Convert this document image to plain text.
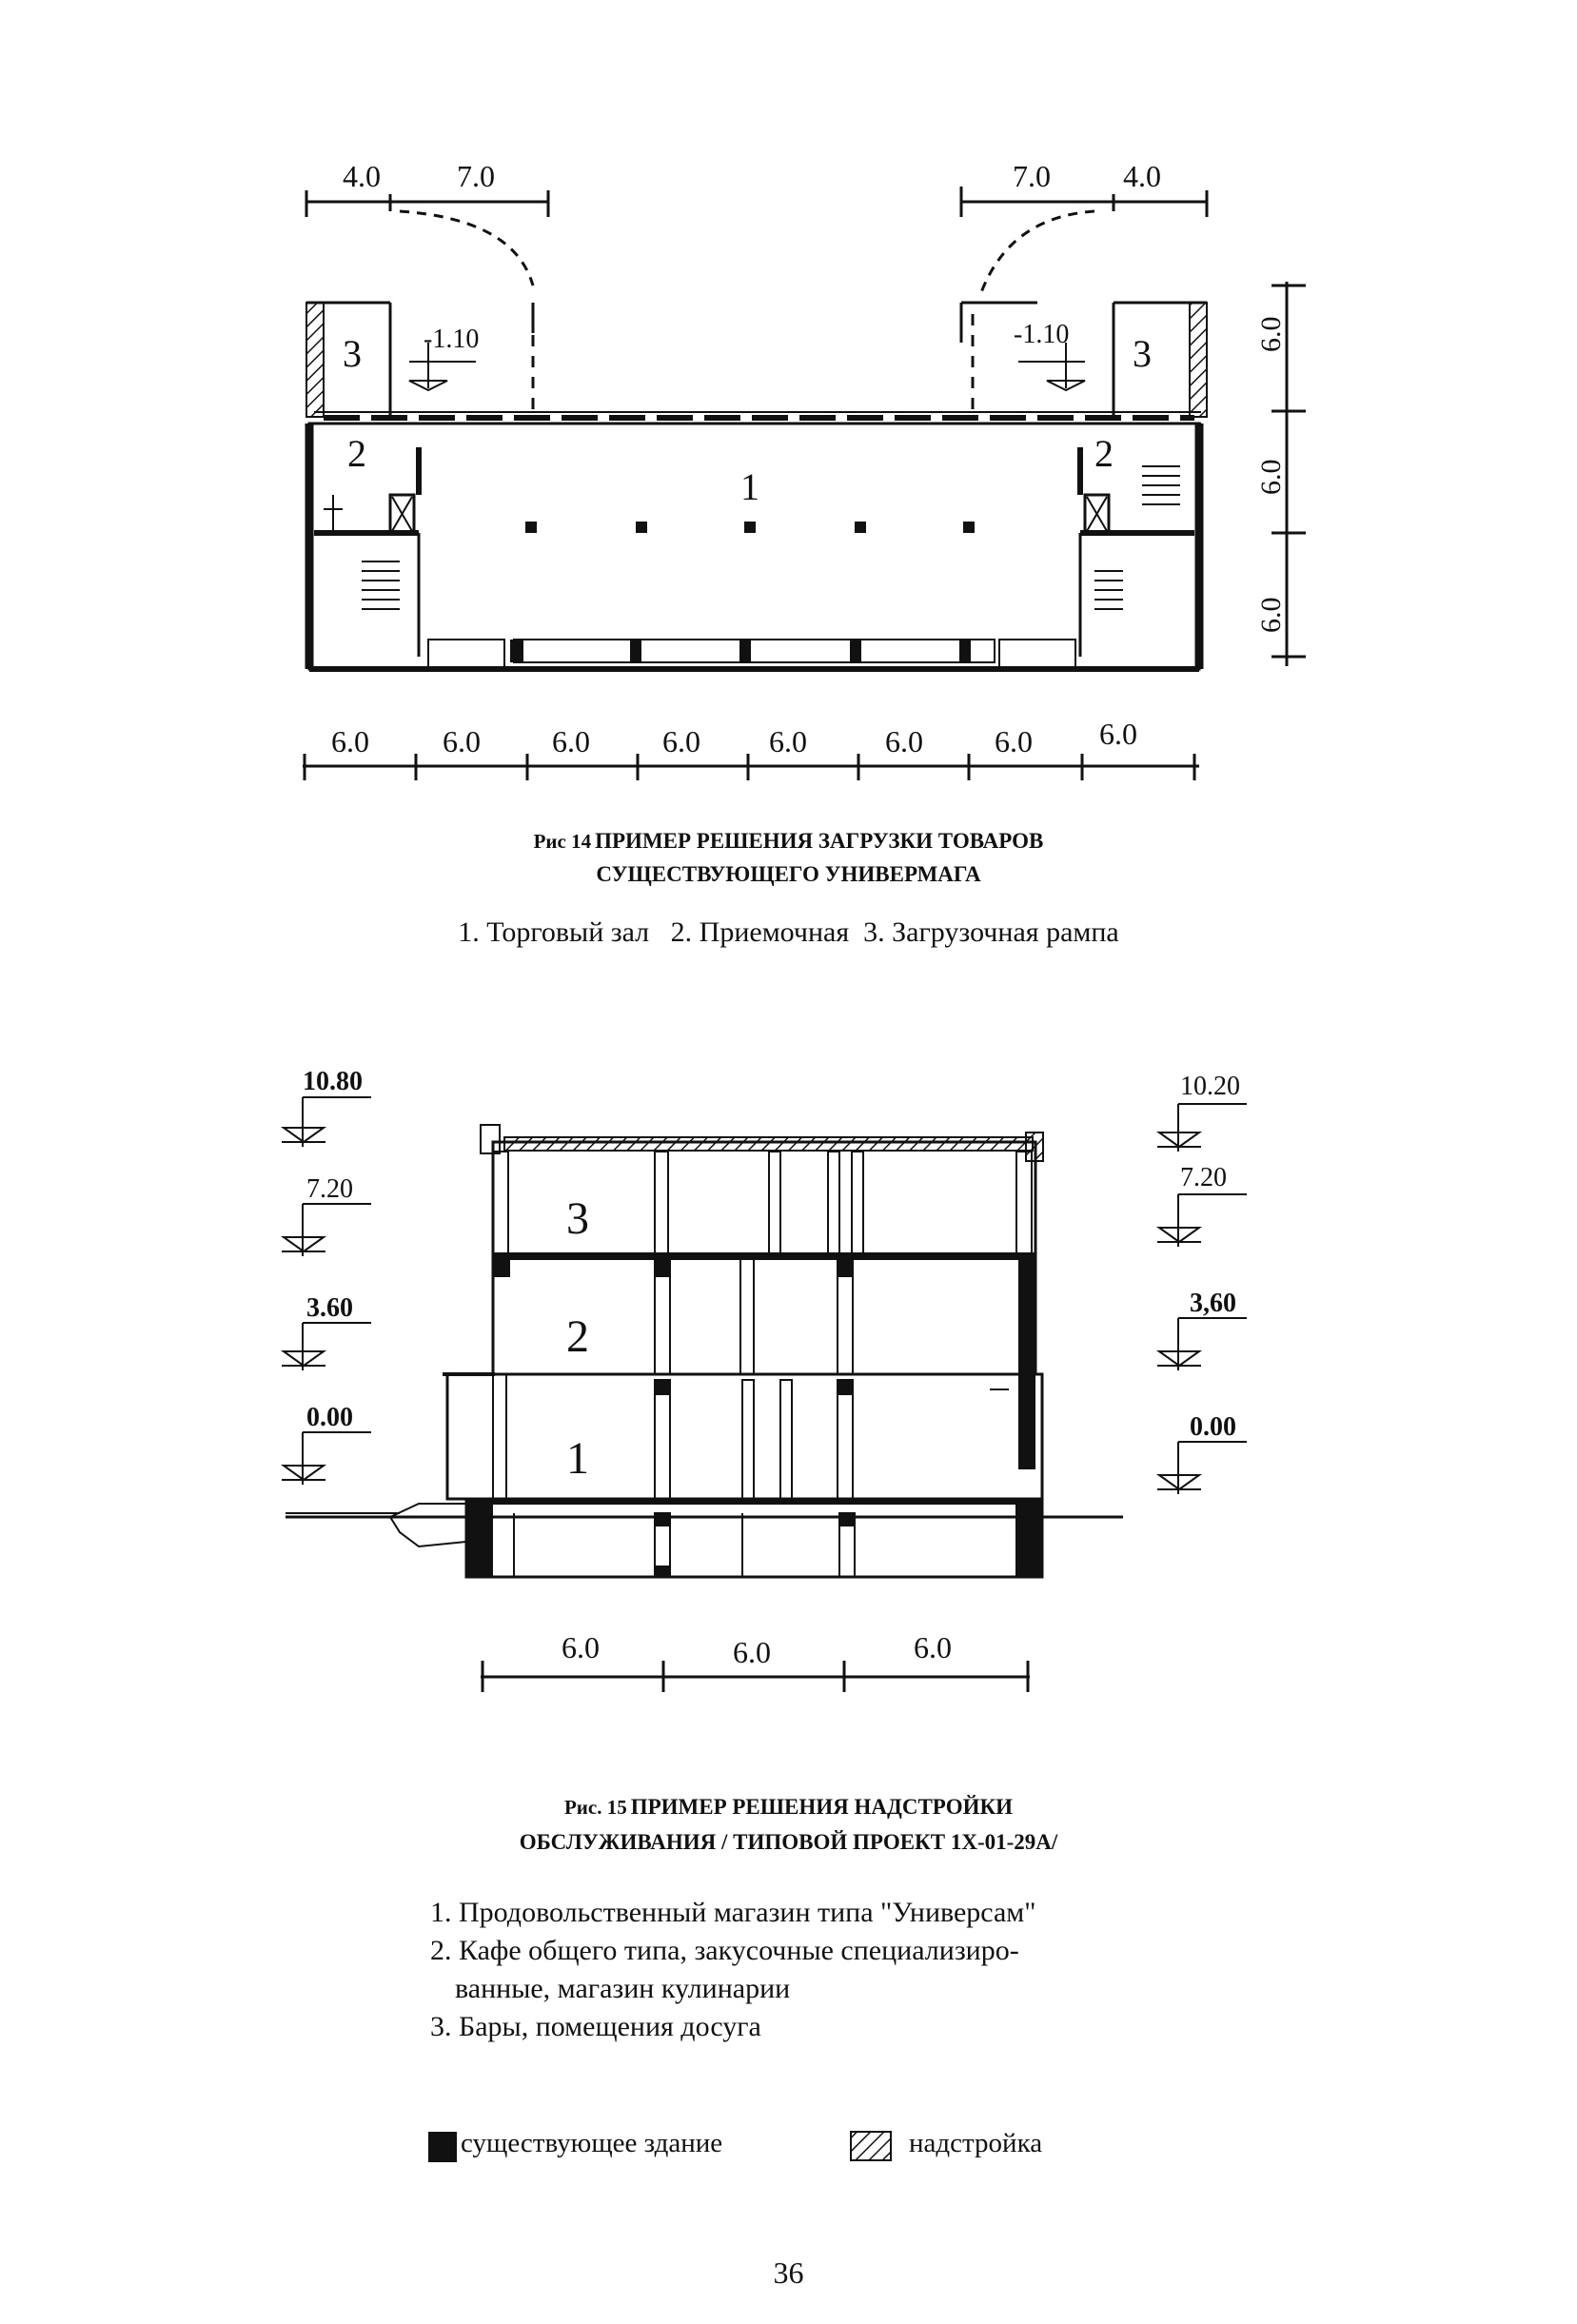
4.0	7.0	7.0 4.0
-1.10	-1.10
3	3
2	2
1
6.0
6.0
6.0
6.0 6.0 6.0 6.0 6.0	6.0 6.0 6.0
10.80
7.20
3.60
0.00
10.20
7.20
3,60
0.00
3
2
1
6.0	6.0	6.0
Рис 14 ПРИМЕР РЕШЕНИЯ ЗАГРУЗКИ ТОВАРОВ
СУЩЕСТВУЮЩЕГО УНИВЕРМАГА
1. Торговый зал   2. Приемочная  3. Загрузочная рампа
Рис. 15 ПРИМЕР РЕШЕНИЯ НАДСТРОЙКИ
ОБСЛУЖИВАНИЯ / ТИПОВОЙ ПРОЕКТ 1Х-01-29А/
1. Продовольственный магазин типа "Универсам"
2. Кафе общего типа, закусочные специализиро-
ванные, магазин кулинарии
3. Бары, помещения досуга
существующее здание	надстройка
36
